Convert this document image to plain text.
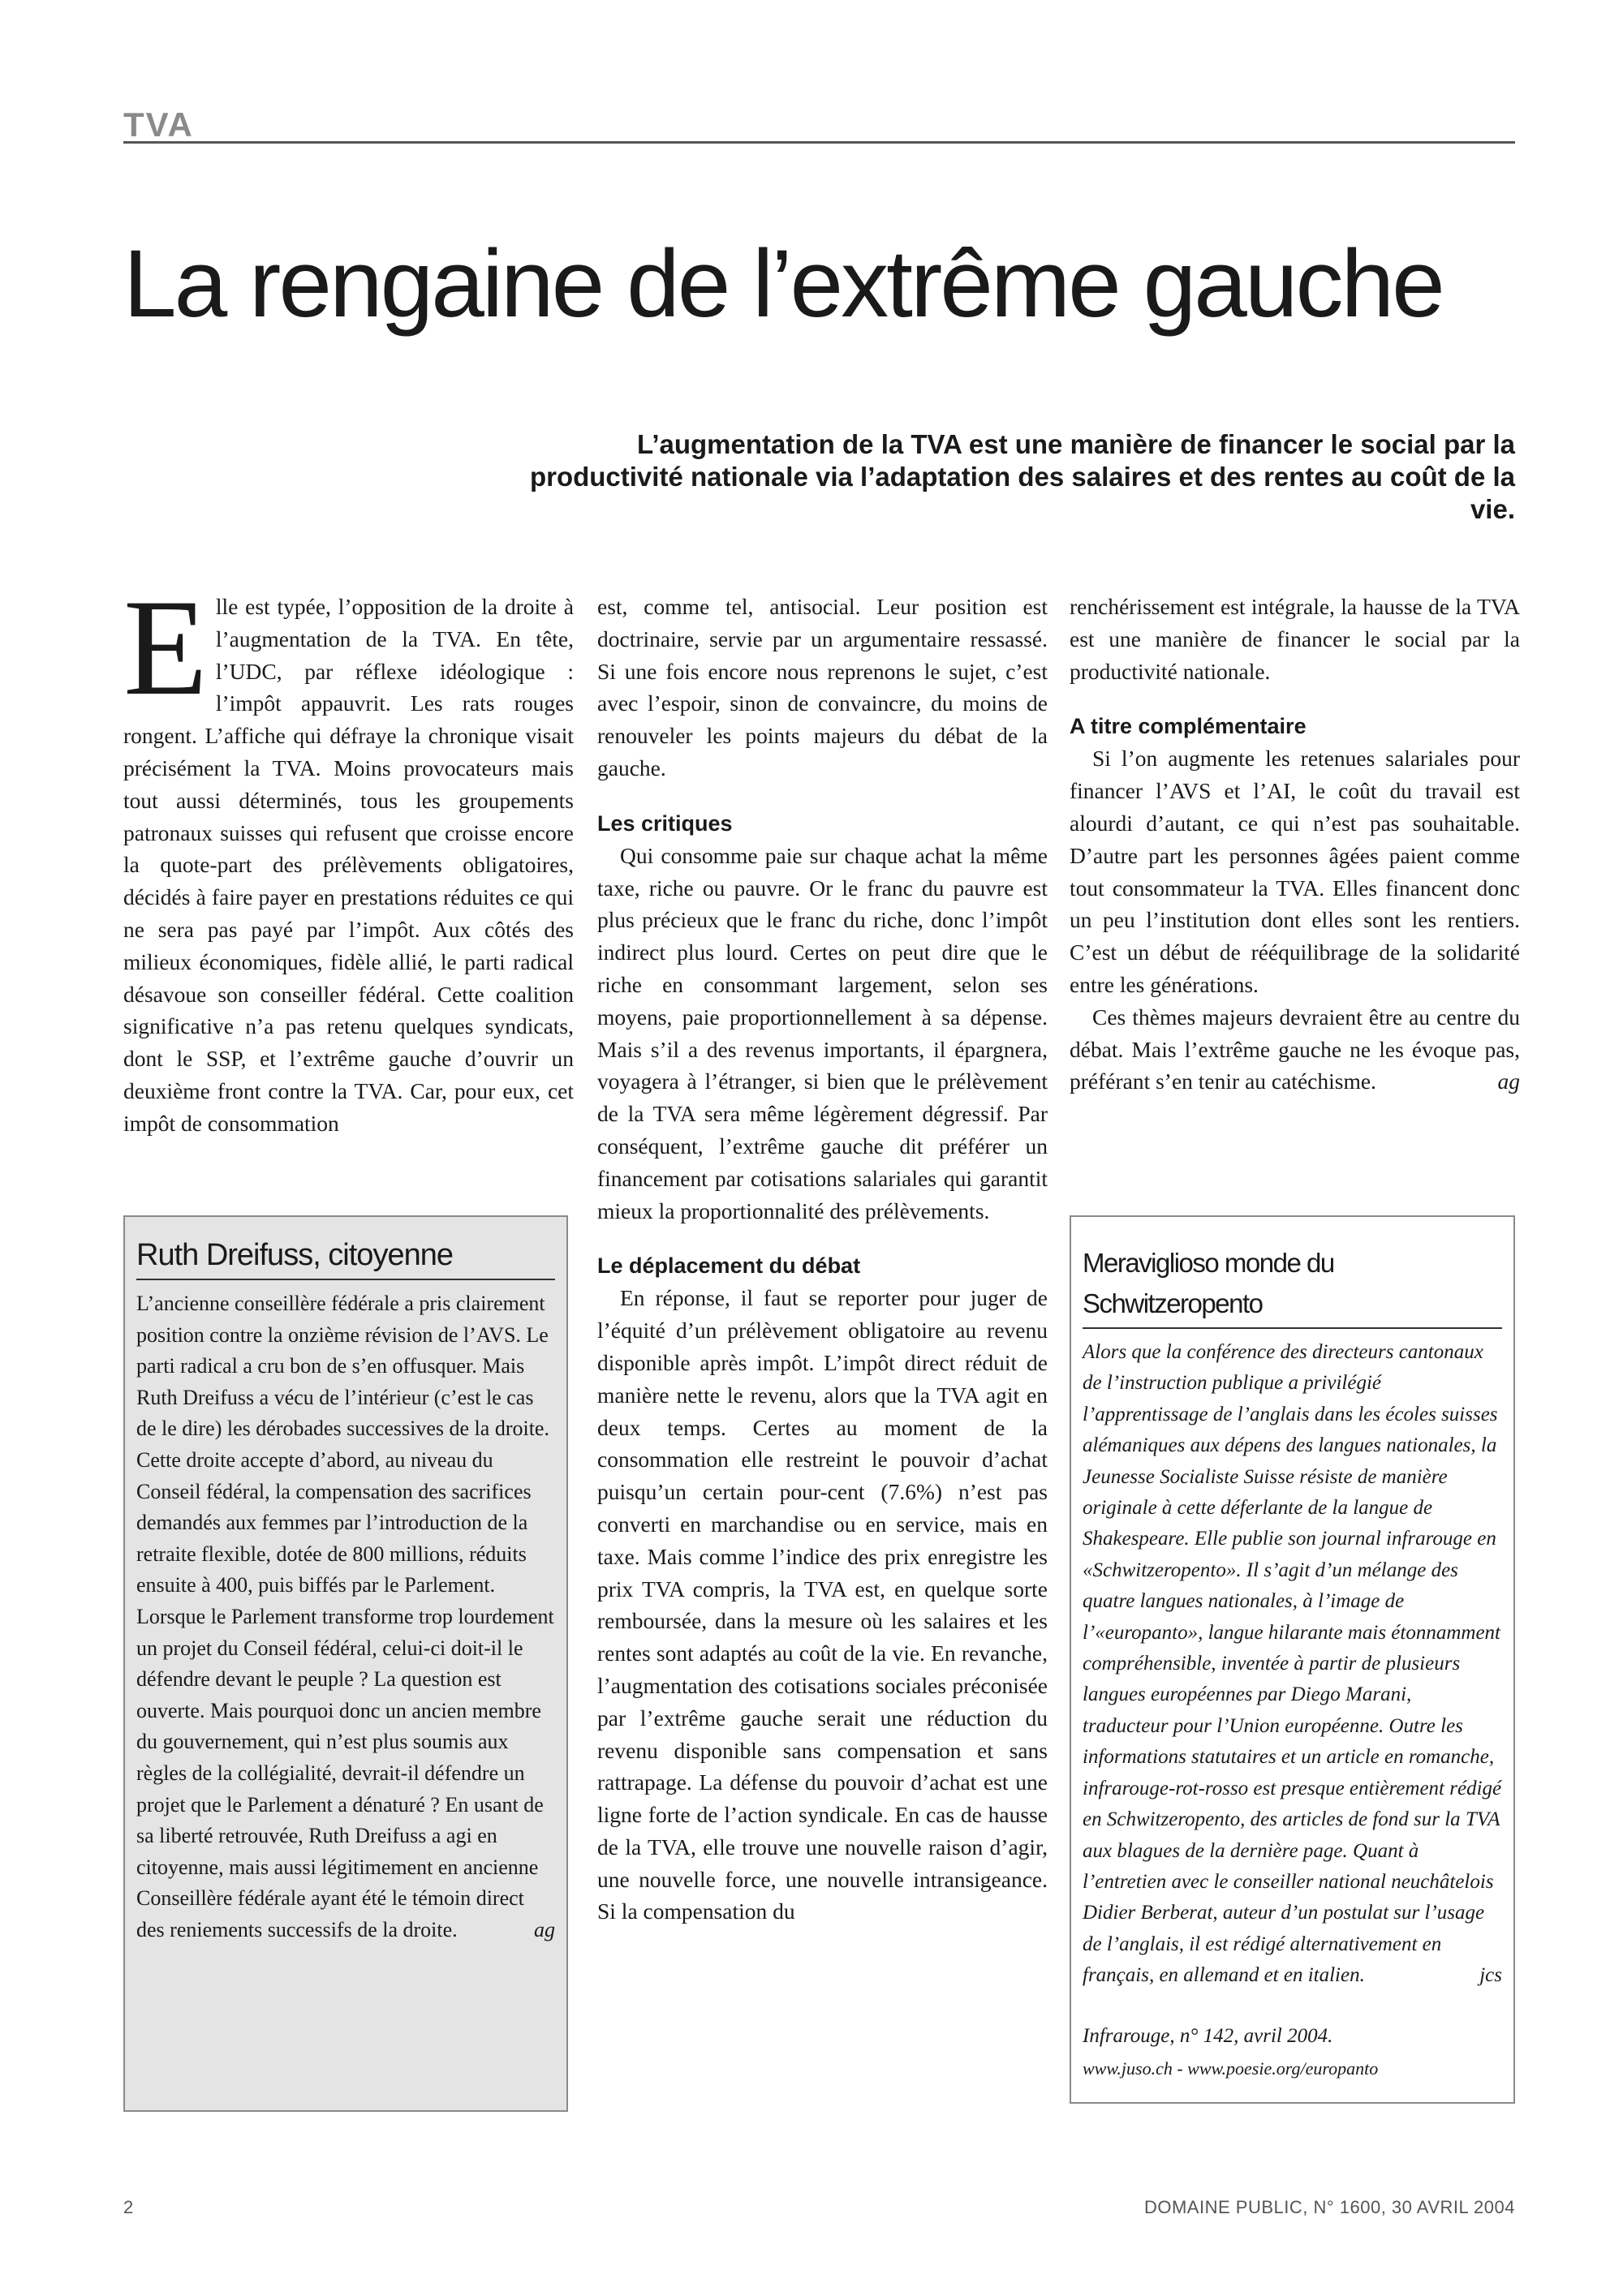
TVA
La rengaine de l’extrême gauche

L’augmentation de la TVA est une manière de financer le social par la productivité nationale via l’adaptation des salaires et des rentes au coût de la vie.

Elle est typée, l’opposition de la droite à l’augmentation de la TVA. En tête, l’UDC, par réflexe idéologique : l’impôt appauvrit. Les rats rouges rongent. L’affiche qui défraye la chronique visait précisément la TVA. Moins provocateurs mais tout aussi déterminés, tous les groupements patronaux suisses qui refusent que croisse encore la quote-part des prélèvements obligatoires, décidés à faire payer en prestations réduites ce qui ne sera pas payé par l’impôt. Aux côtés des milieux économiques, fidèle allié, le parti radical désavoue son conseiller fédéral. Cette coalition significative n’a pas retenu quelques syndicats, dont le SSP, et l’extrême gauche d’ouvrir un deuxième front contre la TVA. Car, pour eux, cet impôt de consommation

est, comme tel, antisocial. Leur position est doctrinaire, servie par un argumentaire ressassé. Si une fois encore nous reprenons le sujet, c’est avec l’espoir, sinon de convaincre, du moins de renouveler les points majeurs du débat de la gauche.

Les critiques

Qui consomme paie sur chaque achat la même taxe, riche ou pauvre. Or le franc du pauvre est plus précieux que le franc du riche, donc l’impôt indirect plus lourd. Certes on peut dire que le riche en consommant largement, selon ses moyens, paie proportionnellement à sa dépense. Mais s’il a des revenus importants, il épargnera, voyagera à l’étranger, si bien que le prélèvement de la TVA sera même légèrement dégressif. Par conséquent, l’extrême gauche dit préférer un financement par cotisations salariales qui garantit mieux la proportionnalité des prélèvements.

Le déplacement du débat

En réponse, il faut se reporter pour juger de l’équité d’un prélèvement obligatoire au revenu disponible après impôt. L’impôt direct réduit de manière nette le revenu, alors que la TVA agit en deux temps. Certes au moment de la consommation elle restreint le pouvoir d’achat puisqu’un certain pour-cent (7.6%) n’est pas converti en marchandise ou en service, mais en taxe. Mais comme l’indice des prix enregistre les prix TVA compris, la TVA est, en quelque sorte remboursée, dans la mesure où les salaires et les rentes sont adaptés au coût de la vie. En revanche, l’augmentation des cotisations sociales préconisée par l’extrême gauche serait une réduction du revenu disponible sans compensation et sans rattrapage. La défense du pouvoir d’achat est une ligne forte de l’action syndicale. En cas de hausse de la TVA, elle trouve une nouvelle raison d’agir, une nouvelle force, une nouvelle intransigeance. Si la compensation du

renchérissement est intégrale, la hausse de la TVA est une manière de financer le social par la productivité nationale.

A titre complémentaire

Si l’on augmente les retenues salariales pour financer l’AVS et l’AI, le coût du travail est alourdi d’autant, ce qui n’est pas souhaitable. D’autre part les personnes âgées paient comme tout consommateur la TVA. Elles financent donc un peu l’institution dont elles sont les rentiers. C’est un début de rééquilibrage de la solidarité entre les générations.

Ces thèmes majeurs devraient être au centre du débat. Mais l’extrême gauche ne les évoque pas, préférant s’en tenir au catéchisme.	ag

Ruth Dreifuss, citoyenne

L’ancienne conseillère fédérale a pris clairement position contre la onzième révision de l’AVS. Le parti radical a cru bon de s’en offusquer. Mais Ruth Dreifuss a vécu de l’intérieur (c’est le cas de le dire) les dérobades successives de la droite. Cette droite accepte d’abord, au niveau du Conseil fédéral, la compensation des sacrifices demandés aux femmes par l’introduction de la retraite flexible, dotée de 800 millions, réduits ensuite à 400, puis biffés par le Parlement. Lorsque le Parlement transforme trop lourdement un projet du Conseil fédéral, celui-ci doit-il le défendre devant le peuple ? La question est ouverte. Mais pourquoi donc un ancien membre du gouvernement, qui n’est plus soumis aux règles de la collégialité, devrait-il défendre un projet que le Parlement a dénaturé ? En usant de sa liberté retrouvée, Ruth Dreifuss a agi en citoyenne, mais aussi légitimement en ancienne Conseillère fédérale ayant été le témoin direct des reniements successifs de la droite.	ag

Meraviglioso monde du Schwitzeropento

Alors que la conférence des directeurs cantonaux de l’instruction publique a privilégié l’apprentissage de l’anglais dans les écoles suisses alémaniques aux dépens des langues nationales, la Jeunesse Socialiste Suisse résiste de manière originale à cette déferlante de la langue de Shakespeare. Elle publie son journal infrarouge en «Schwitzeropento». Il s’agit d’un mélange des quatre langues nationales, à l’image de l’«europanto», langue hilarante mais étonnamment compréhensible, inventée à partir de plusieurs langues européennes par Diego Marani, traducteur pour l’Union européenne. Outre les informations statutaires et un article en romanche, infrarouge-rot-rosso est presque entièrement rédigé en Schwitzeropento, des articles de fond sur la TVA aux blagues de la dernière page. Quant à l’entretien avec le conseiller national neuchâtelois Didier Berberat, auteur d’un postulat sur l’usage de l’anglais, il est rédigé alternativement en français, en allemand et en italien.	jcs

Infrarouge, n° 142, avril 2004.

www.juso.ch - www.poesie.org/europanto

2	DOMAINE PUBLIC, N° 1600, 30 AVRIL 2004
